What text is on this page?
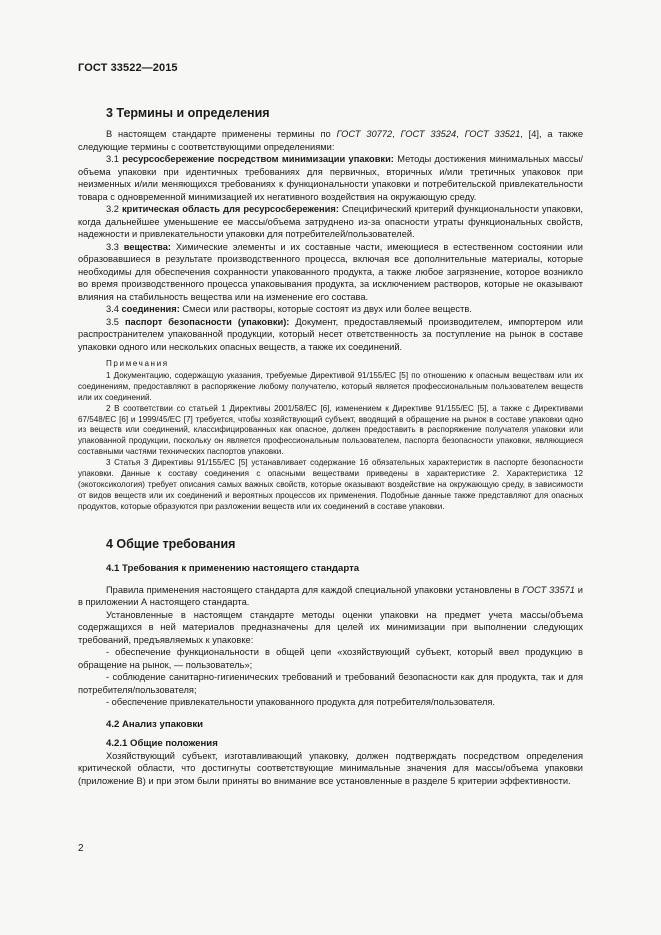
ГОСТ 33522—2015
3 Термины и определения

В настоящем стандарте применены термины по ГОСТ 30772, ГОСТ 33524, ГОСТ 33521, [4], а также следующие термины с соответствующими определениями:

3.1 ресурсосбережение посредством минимизации упаковки: Методы достижения минимальных массы/объема упаковки при идентичных требованиях для первичных, вторичных и/или третичных упаковок при неизменных и/или меняющихся требованиях к функциональности упаковки и потребительской привлекательности товара с одновременной минимизацией их негативного воздействия на окружающую среду.

3.2 критическая область для ресурсосбережения: Специфический критерий функциональности упаковки, когда дальнейшее уменьшение ее массы/объема затруднено из-за опасности утраты функциональных свойств, надежности и привлекательности упаковки для потребителей/пользователей.

3.3 вещества: Химические элементы и их составные части, имеющиеся в естественном состоянии или образовавшиеся в результате производственного процесса, включая все дополнительные материалы, которые необходимы для обеспечения сохранности упакованного продукта, а также любое загрязнение, которое возникло во время производственного процесса упаковывания продукта, за исключением растворов, которые не оказывают влияния на стабильность вещества или на изменение его состава.

3.4 соединения: Смеси или растворы, которые состоят из двух или более веществ.

3.5 паспорт безопасности (упаковки): Документ, предоставляемый производителем, импортером или распространителем упакованной продукции, который несет ответственность за поступление на рынок в составе упаковки одного или нескольких опасных веществ, а также их соединений.

Примечания

1 Документацию, содержащую указания, требуемые Директивой 91/155/ЕС [5] по отношению к опасным веществам или их соединениям, предоставляют в распоряжение любому получателю, который является профессиональным пользователем веществ или их соединений.

2 В соответствии со статьей 1 Директивы 2001/58/ЕС [6], изменением к Директиве 91/155/ЕС [5], а также с Директивами 67/548/ЕС [6] и 1999/45/ЕС [7] требуется, чтобы хозяйствующий субъект, вводящий в обращение на рынок в составе упаковки одно из веществ или соединений, классифицированных как опасное, должен предоставить в распоряжение получателя упаковки или упакованной продукции, поскольку он является профессиональным пользователем, паспорта безопасности упаковки, являющиеся составными частями технических паспортов упаковки.

3 Статья 3 Директивы 91/155/ЕС [5] устанавливает содержание 16 обязательных характеристик в паспорте безопасности упаковки. Данные к составу соединения с опасными веществами приведены в характеристике 2. Характеристика 12 (экотоксикология) требует описания самых важных свойств, которые оказывают воздействие на окружающую среду, в зависимости от видов веществ или их соединений и вероятных процессов их применения. Подобные данные также представляют для опасных продуктов, которые образуются при разложении веществ или их соединений в составе упаковки.

4 Общие требования
4.1 Требования к применению настоящего стандарта

Правила применения настоящего стандарта для каждой специальной упаковки установлены в ГОСТ 33571 и в приложении А настоящего стандарта.

Установленные в настоящем стандарте методы оценки упаковки на предмет учета массы/объема содержащихся в ней материалов предназначены для целей их минимизации при выполнении следующих требований, предъявляемых к упаковке:

- обеспечение функциональности в общей цепи «хозяйствующий субъект, который ввел продукцию в обращение на рынок, — пользователь»;

- соблюдение санитарно-гигиенических требований и требований безопасности как для продукта, так и для потребителя/пользователя;

- обеспечение привлекательности упакованного продукта для потребителя/пользователя.

4.2 Анализ упаковки
4.2.1 Общие положения

Хозяйствующий субъект, изготавливающий упаковку, должен подтверждать посредством определения критической области, что достигнуты соответствующие минимальные значения для массы/объема упаковки (приложение В) и при этом были приняты во внимание все установленные в разделе 5 критерии эффективности.

2
